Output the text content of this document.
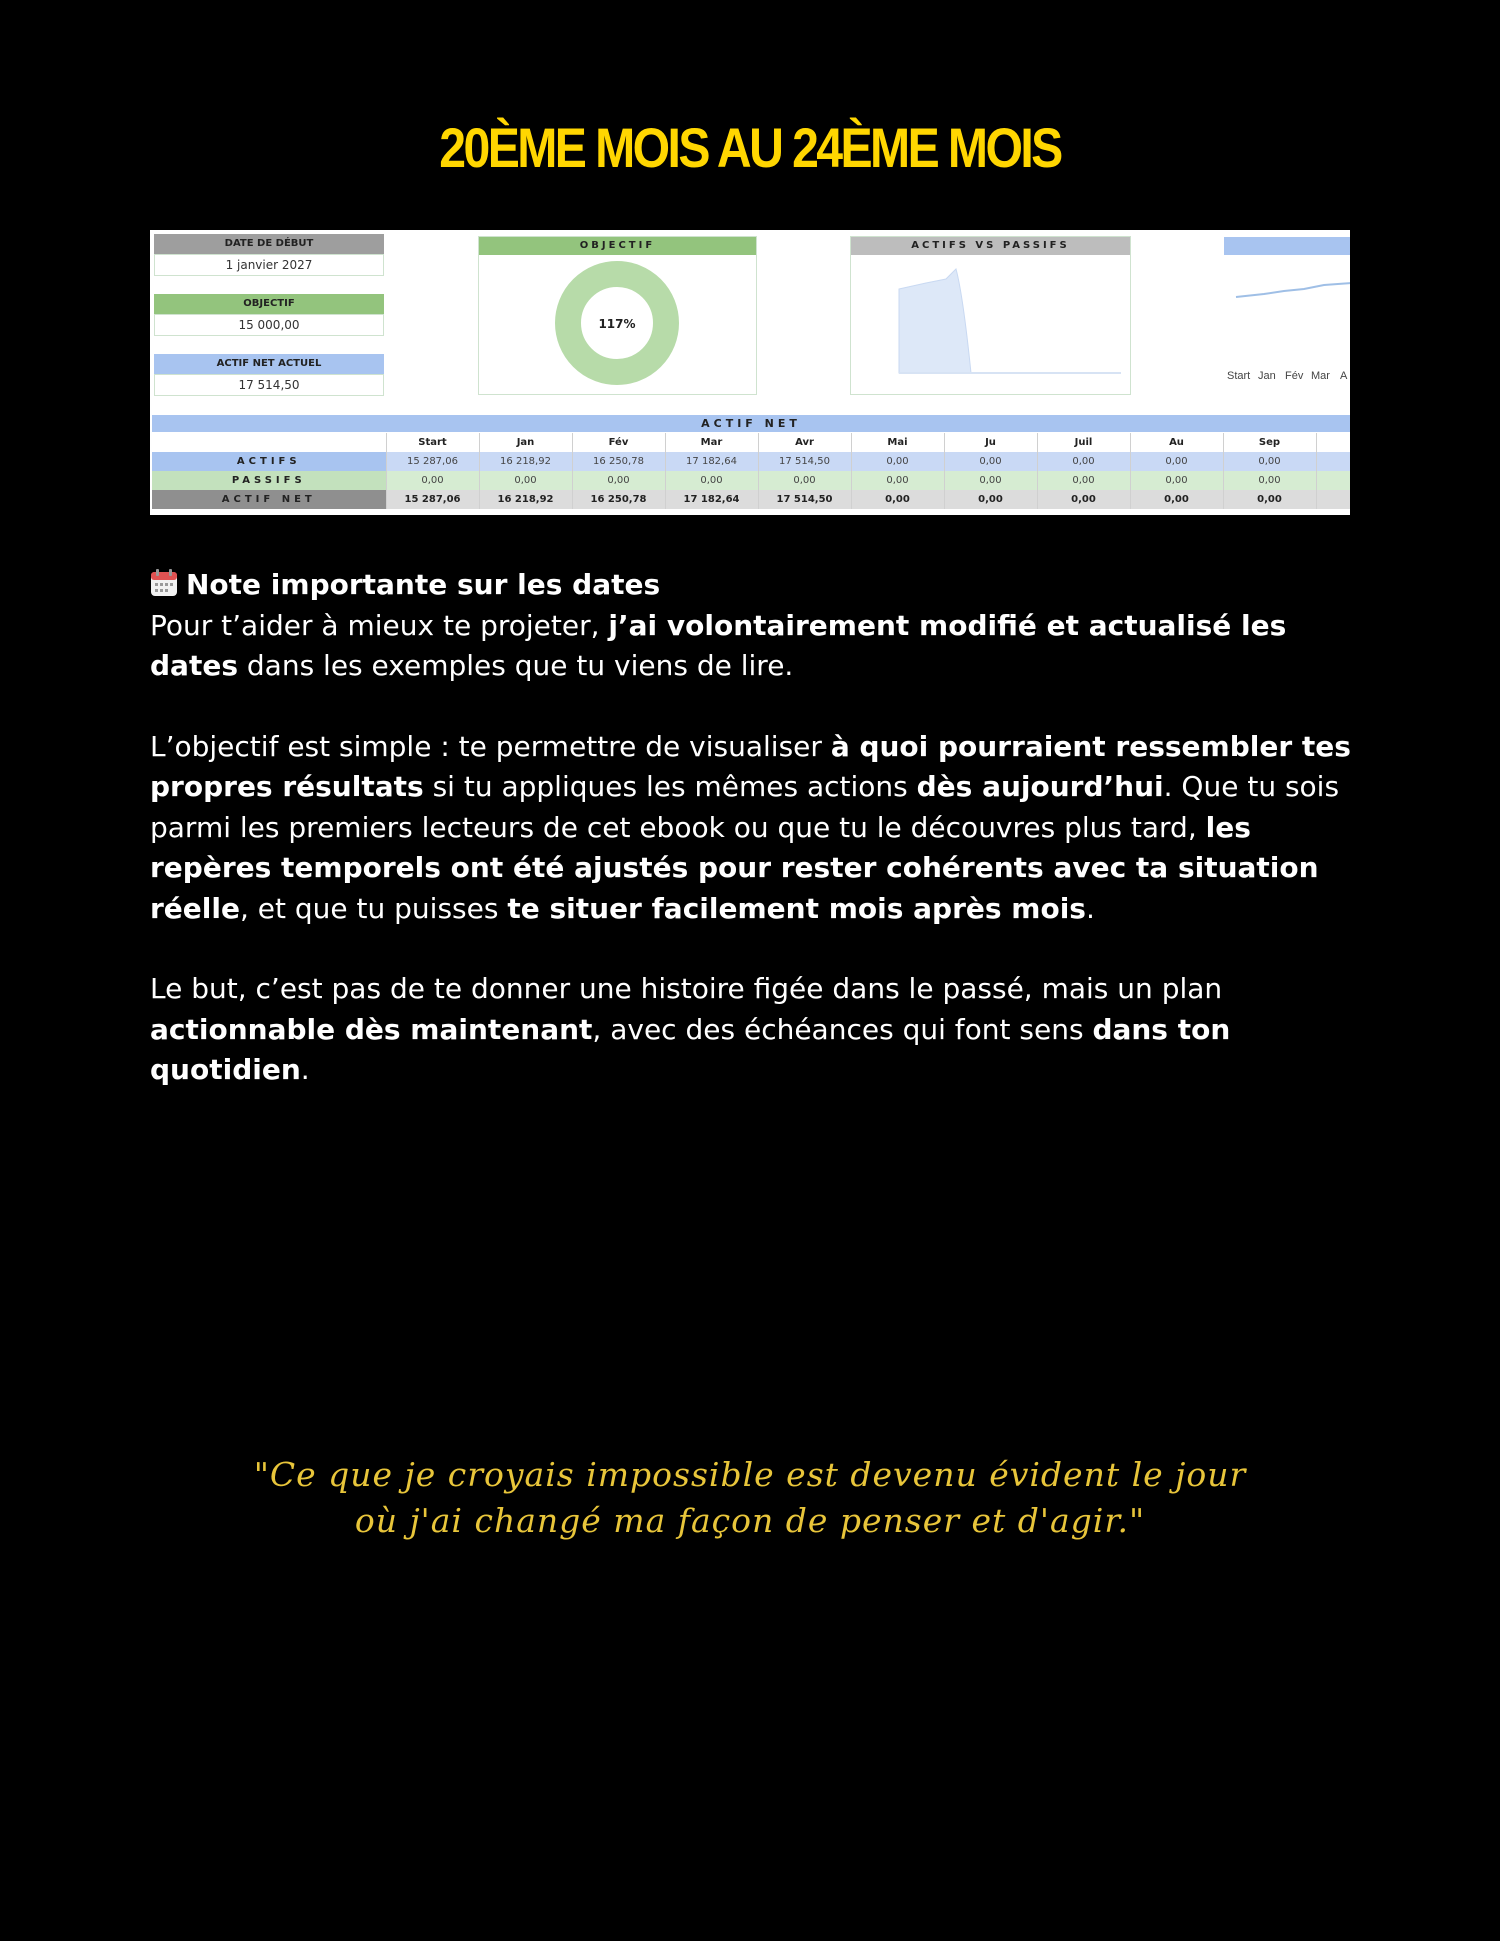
20ÈME MOIS AU 24ÈME MOIS
DATE DE DÉBUT
1 janvier 2027
OBJECTIF
15 000,00
ACTIF NET ACTUEL
17 514,50
OBJECTIF
117%
ACTIFS VS PASSIFS
Start Jan Fév Mar A
ACTIF NET
	Start	Jan	Fév	Mar	Avr	Mai	Ju	Juil	Au	Sep	
ACTIFS	15 287,06	16 218,92	16 250,78	17 182,64	17 514,50	0,00	0,00	0,00	0,00	0,00	
PASSIFS	0,00	0,00	0,00	0,00	0,00	0,00	0,00	0,00	0,00	0,00	
ACTIF NET	15 287,06	16 218,92	16 250,78	17 182,64	17 514,50	0,00	0,00	0,00	0,00	0,00	

Note importante sur les dates
Pour t’aider à mieux te projeter, j’ai volontairement modifié et actualisé les dates dans les exemples que tu viens de lire.

L’objectif est simple : te permettre de visualiser à quoi pourraient ressembler tes propres résultats si tu appliques les mêmes actions dès aujourd’hui. Que tu sois parmi les premiers lecteurs de cet ebook ou que tu le découvres plus tard, les repères temporels ont été ajustés pour rester cohérents avec ta situation réelle, et que tu puisses te situer facilement mois après mois.

Le but, c’est pas de te donner une histoire figée dans le passé, mais un plan actionnable dès maintenant, avec des échéances qui font sens dans ton quotidien.

"Ce que je croyais impossible est devenu évident le jour
où j'ai changé ma façon de penser et d'agir."
